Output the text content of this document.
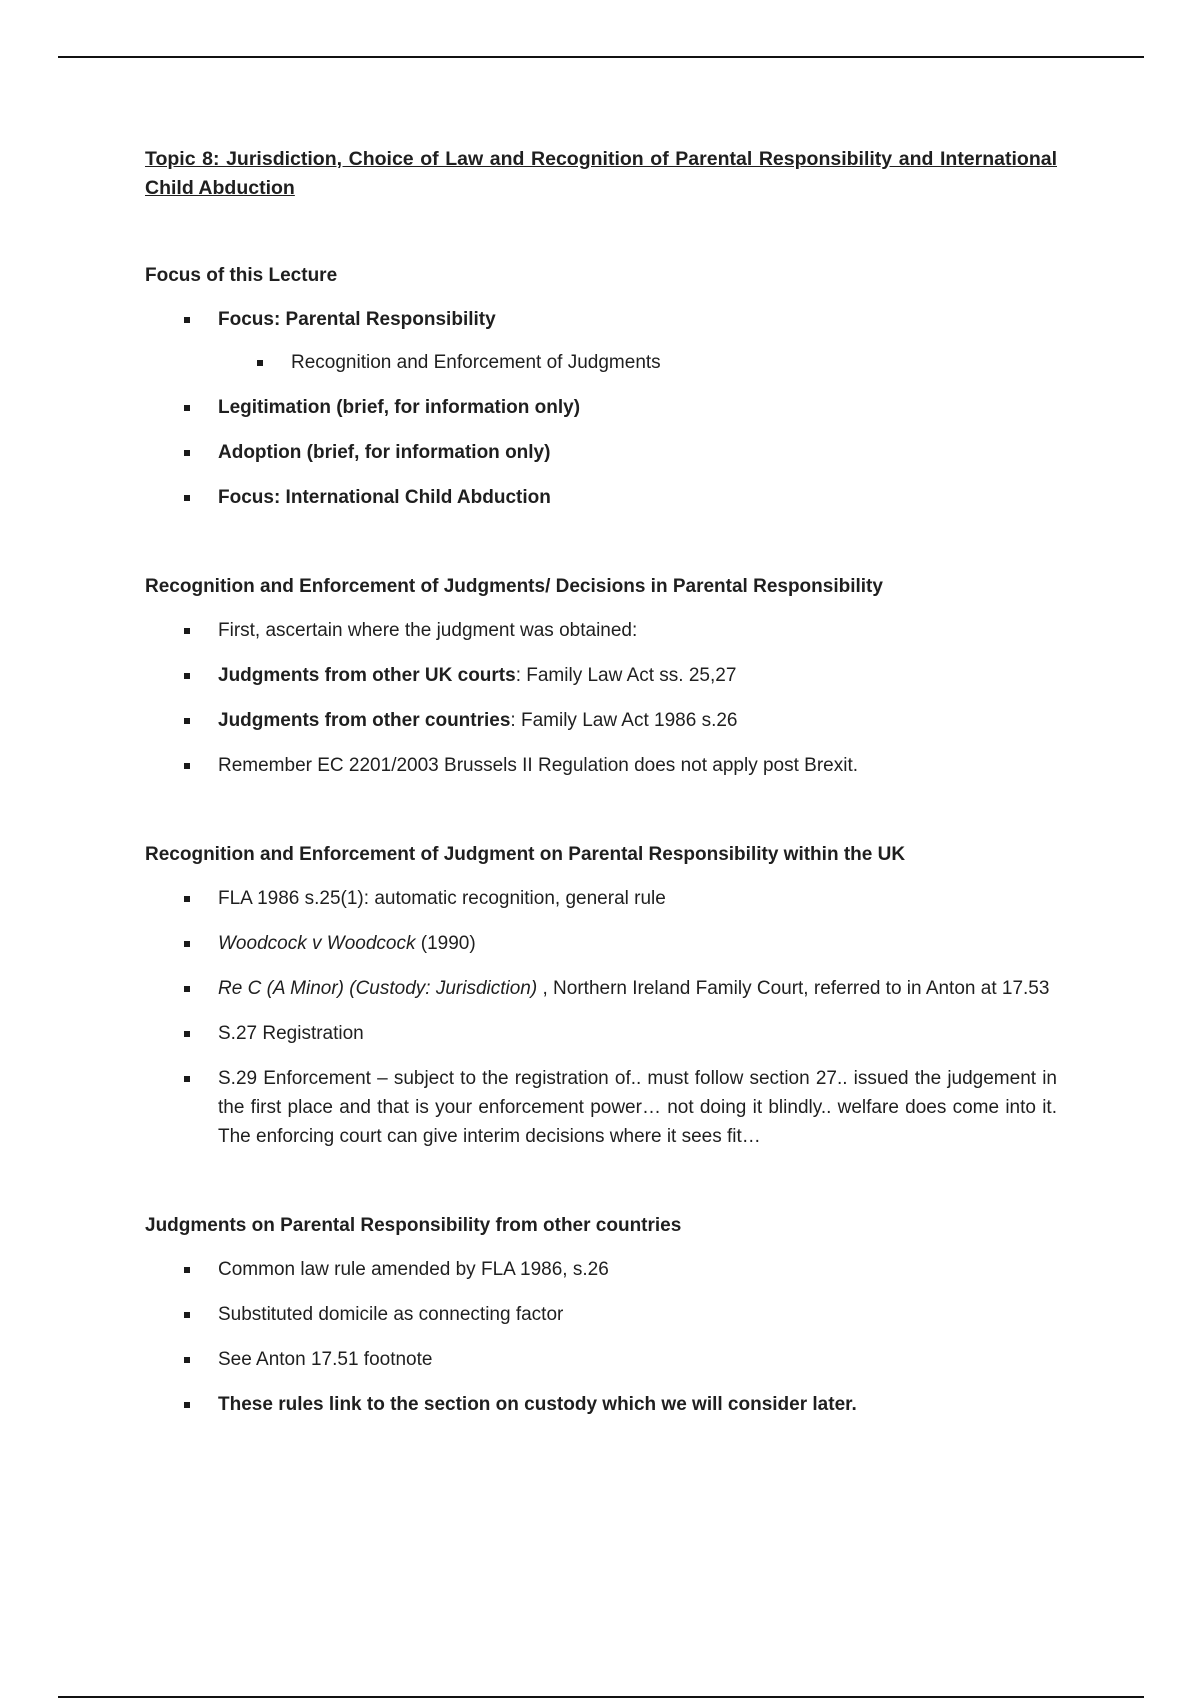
Topic 8: Jurisdiction, Choice of Law and Recognition of Parental Responsibility and International Child Abduction

Focus of this Lecture

Focus: Parental Responsibility
Recognition and Enforcement of Judgments
Legitimation (brief, for information only)
Adoption (brief, for information only)
Focus: International Child Abduction

Recognition and Enforcement of Judgments/ Decisions in Parental Responsibility

First, ascertain where the judgment was obtained:
Judgments from other UK courts: Family Law Act ss. 25,27
Judgments from other countries: Family Law Act 1986 s.26
Remember EC 2201/2003 Brussels II Regulation does not apply post Brexit.

Recognition and Enforcement of Judgment on Parental Responsibility within the UK

FLA 1986 s.25(1): automatic recognition, general rule
Woodcock v Woodcock (1990)
Re C (A Minor) (Custody: Jurisdiction) , Northern Ireland Family Court, referred to in Anton at 17.53
S.27 Registration
S.29 Enforcement – subject to the registration of.. must follow section 27.. issued the judgement in the first place and that is your enforcement power… not doing it blindly.. welfare does come into it. The enforcing court can give interim decisions where it sees fit…

Judgments on Parental Responsibility from other countries

Common law rule amended by FLA 1986, s.26
Substituted domicile as connecting factor
See Anton 17.51 footnote
These rules link to the section on custody which we will consider later.
